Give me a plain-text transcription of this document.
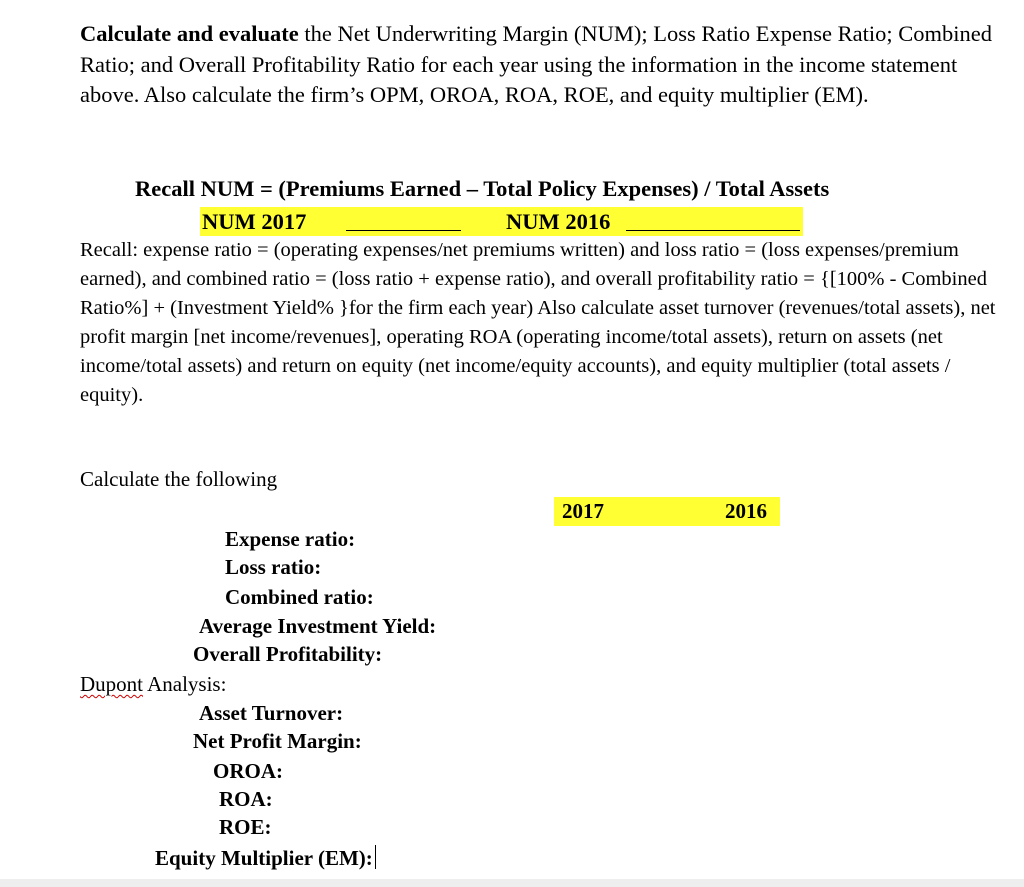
Calculate and evaluate the Net Underwriting Margin (NUM); Loss Ratio Expense Ratio; Combined Ratio; and Overall Profitability Ratio for each year using the information in the income statement above. Also calculate the firm’s OPM, OROA, ROA, ROE, and equity multiplier (EM).
Recall NUM = (Premiums Earned – Total Policy Expenses) / Total Assets
NUM 2017	NUM 2016
Recall: expense ratio = (operating expenses/net premiums written) and loss ratio = (loss expenses/premium earned), and combined ratio = (loss ratio + expense ratio), and overall profitability ratio = {[100% - Combined Ratio%] + (Investment Yield% }for the firm each year) Also calculate asset turnover (revenues/total assets), net profit margin [net income/revenues], operating ROA (operating income/total assets), return on assets (net income/total assets) and return on equity (net income/equity accounts), and equity multiplier (total assets / equity).
Calculate the following
2017	2016
Expense ratio:
Loss ratio:
Combined ratio:
Average Investment Yield:
Overall Profitability:
Dupont Analysis:
Asset Turnover:
Net Profit Margin:
OROA:
ROA:
ROE:
Equity Multiplier (EM):
